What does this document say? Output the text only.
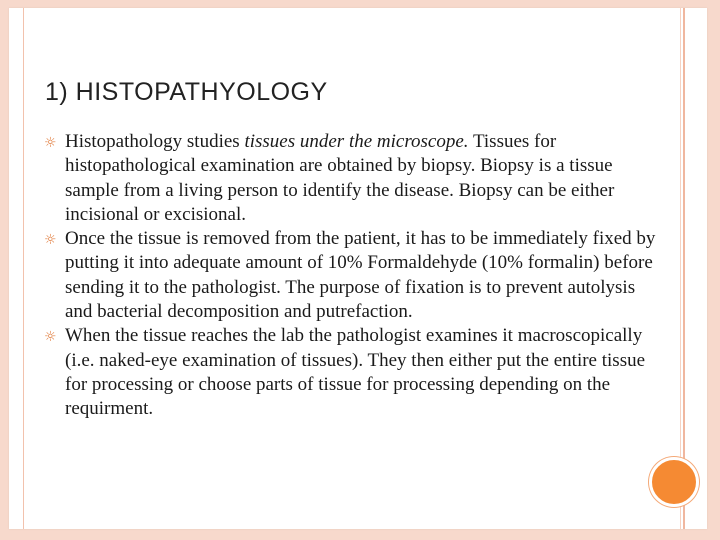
1) HISTOPATHYOLOGY
☼ Histopathology studies tissues under the microscope. Tissues for histopathological examination are obtained by biopsy. Biopsy is a tissue sample from a living person to identify the disease. Biopsy can be either incisional or excisional.
☼ Once the tissue is removed from the patient, it has to be immediately fixed by putting it into adequate amount of 10% Formaldehyde (10% formalin) before sending it to the pathologist. The purpose of fixation is to prevent autolysis and bacterial decomposition and putrefaction.
☼ When the tissue reaches the lab the pathologist examines it macroscopically (i.e. naked-eye examination of tissues). They then either put the entire tissue for processing or choose parts of tissue for processing depending on the requirment.
